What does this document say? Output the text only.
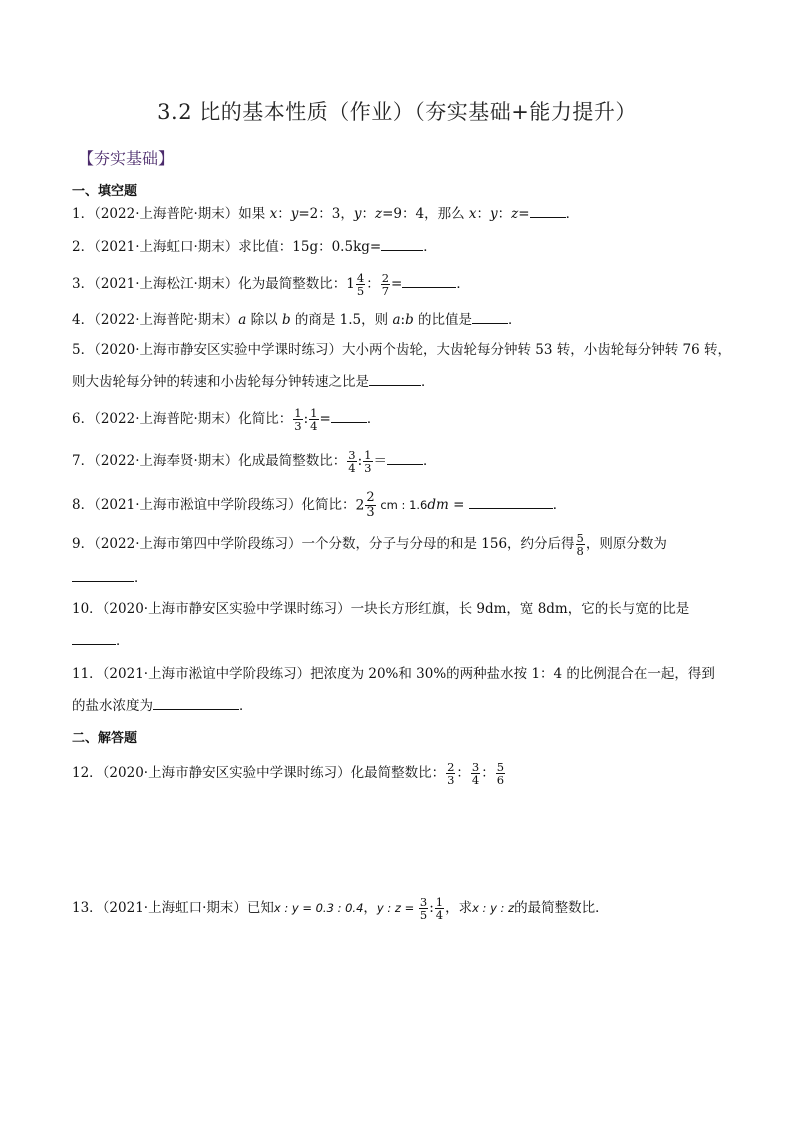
3.2 比的基本性质（作业）（夯实基础+能力提升）
【夯实基础】
一、填空题
1．（2022·上海普陀·期末）如果 x：y=2：3，y：z=9：4，那么 x：y：z=	．
2．（2021·上海虹口·期末）求比值：15g：0.5kg=	．
3．（2021·上海松江·期末）化为最简整数比：$1 \frac{4}{5}$ ： $\frac{2}{7}$ =	．
4．（2022·上海普陀·期末）a 除以 b 的商是 1.5，则 a:b 的比值是	．
5．（2020·上海市静安区实验中学课时练习）大小两个齿轮，大齿轮每分钟转 53 转，小齿轮每分钟转 76 转，
则大齿轮每分钟的转速和小齿轮每分钟转速之比是	．
6．（2022·上海普陀·期末）化简比： $\frac{1}{3}$ : $\frac{1}{4}$ =	．
7．（2022·上海奉贤·期末）化成最简整数比： $\frac{3}{4}$ : $\frac{1}{3}$ ＝	．
8．（2021·上海市淞谊中学阶段练习）化简比：$2 \frac{2}{3}$ cm : 1.6dm =	．
9．（2022·上海市第四中学阶段练习）一个分数，分子与分母的和是 156，约分后得 $\frac{5}{8}$ ，则原分数为
．
10．（2020·上海市静安区实验中学课时练习）一块长方形红旗，长 9dm，宽 8dm，它的长与宽的比是
．
11．（2021·上海市淞谊中学阶段练习）把浓度为 20%和 30%的两种盐水按 1：4 的比例混合在一起，得到
的盐水浓度为	．
二、解答题
12．（2020·上海市静安区实验中学课时练习）化最简整数比： $\frac{2}{3}$ ： $\frac{3}{4}$ ： $\frac{5}{6}$
13．（2021·上海虹口·期末）已知x : y = 0.3 : 0.4，y : $z = \frac{3}{5}$ : $\frac{1}{4}$ ，求x : y : z的最简整数比．
